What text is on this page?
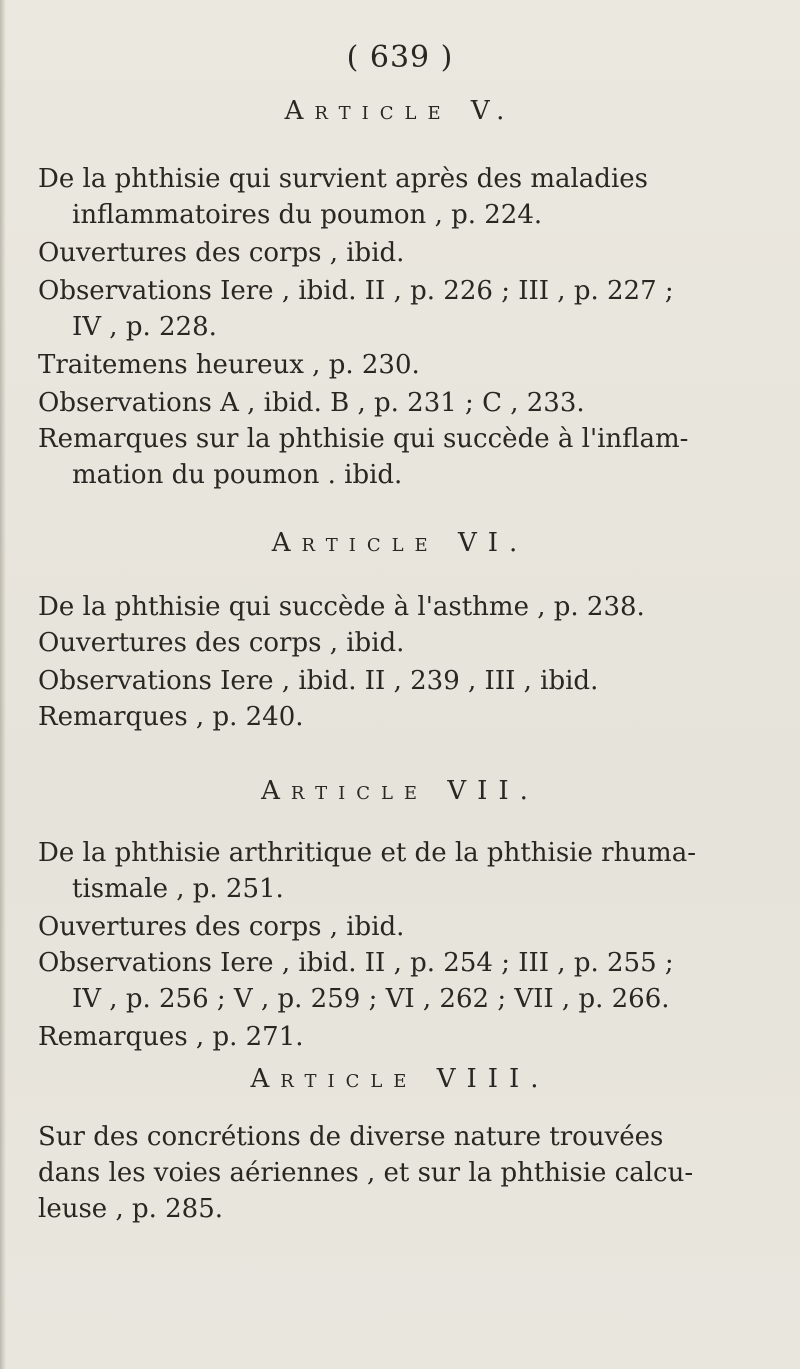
( 639 )
Article V.
De la phthisie qui survient après des maladies
inflammatoires du poumon , p. 224.
Ouvertures des corps , ibid.
Observations Iere , ibid. II , p. 226 ; III , p. 227 ;
IV , p. 228.
Traitemens heureux , p. 230.
Observations A , ibid. B , p. 231 ; C , 233.
Remarques sur la phthisie qui succède à l'inflam-
mation du poumon . ibid.
Article VI.
De la phthisie qui succède à l'asthme , p. 238.
Ouvertures des corps , ibid.
Observations Iere , ibid. II , 239 , III , ibid.
Remarques , p. 240.
Article VII.
De la phthisie arthritique et de la phthisie rhuma-
tismale , p. 251.
Ouvertures des corps , ibid.
Observations Iere , ibid. II , p. 254 ; III , p. 255 ;
IV , p. 256 ; V , p. 259 ; VI , 262 ; VII , p. 266.
Remarques , p. 271.
Article VIII.
Sur des concrétions de diverse nature trouvées
dans les voies aériennes , et sur la phthisie calcu-
leuse , p. 285.
